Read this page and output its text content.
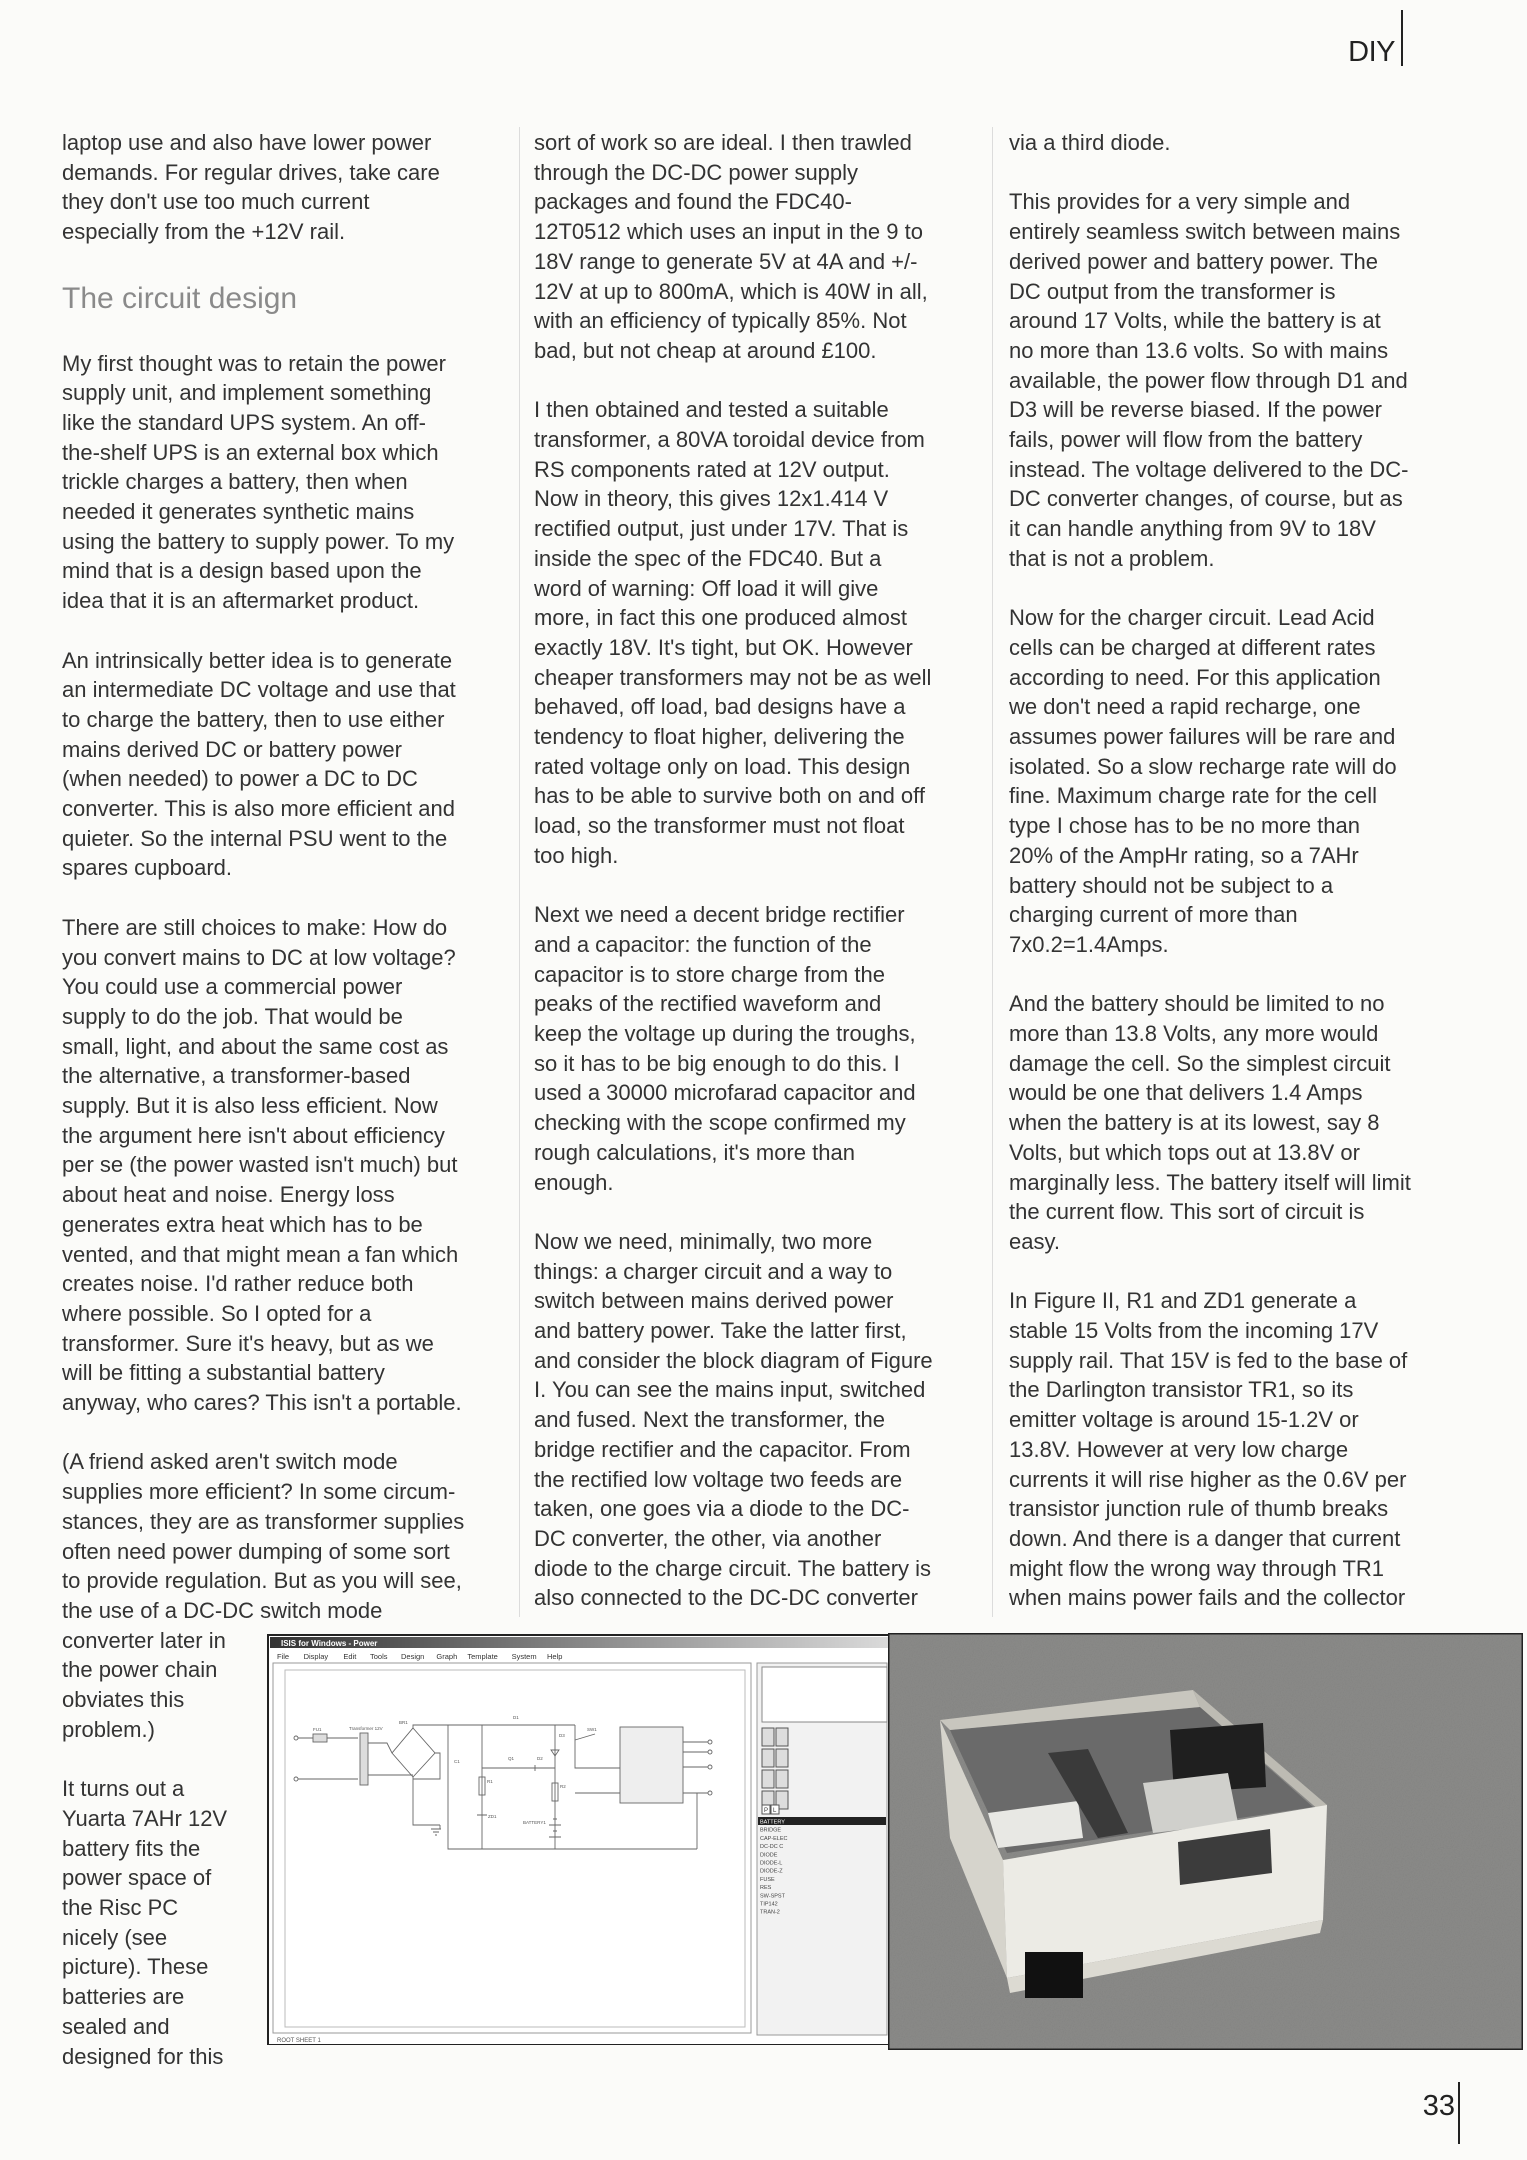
DIY

laptop use and also have lower power
demands. For regular drives, take care
they don't use too much current
especially from the +12V rail.

The circuit design

My first thought was to retain the power
supply unit, and implement something
like the standard UPS system. An off-
the-shelf UPS is an external box which
trickle charges a battery, then when
needed it generates synthetic mains
using the battery to supply power. To my
mind that is a design based upon the
idea that it is an aftermarket product.

An intrinsically better idea is to generate
an intermediate DC voltage and use that
to charge the battery, then to use either
mains derived DC or battery power
(when needed) to power a DC to DC
converter. This is also more efficient and
quieter. So the internal PSU went to the
spares cupboard.

There are still choices to make: How do
you convert mains to DC at low voltage?
You could use a commercial power
supply to do the job. That would be
small, light, and about the same cost as
the alternative, a transformer-based
supply. But it is also less efficient. Now
the argument here isn't about efficiency
per se (the power wasted isn't much) but
about heat and noise. Energy loss
generates extra heat which has to be
vented, and that might mean a fan which
creates noise. I'd rather reduce both
where possible. So I opted for a
transformer. Sure it's heavy, but as we
will be fitting a substantial battery
anyway, who cares? This isn't a portable.

(A friend asked aren't switch mode
supplies more efficient? In some circum-
stances, they are as transformer supplies
often need power dumping of some sort
to provide regulation. But as you will see,
the use of a DC-DC switch mode
converter later in
the power chain
obviates this
problem.)

It turns out a
Yuarta 7AHr 12V
battery fits the
power space of
the Risc PC
nicely (see
picture). These
batteries are
sealed and
designed for this

sort of work so are ideal. I then trawled
through the DC-DC power supply
packages and found the FDC40-
12T0512 which uses an input in the 9 to
18V range to generate 5V at 4A and +/-
12V at up to 800mA, which is 40W in all,
with an efficiency of typically 85%. Not
bad, but not cheap at around £100.

I then obtained and tested a suitable
transformer, a 80VA toroidal device from
RS components rated at 12V output.
Now in theory, this gives 12x1.414 V
rectified output, just under 17V. That is
inside the spec of the FDC40. But a
word of warning: Off load it will give
more, in fact this one produced almost
exactly 18V. It's tight, but OK. However
cheaper transformers may not be as well
behaved, off load, bad designs have a
tendency to float higher, delivering the
rated voltage only on load. This design
has to be able to survive both on and off
load, so the transformer must not float
too high.

Next we need a decent bridge rectifier
and a capacitor: the function of the
capacitor is to store charge from the
peaks of the rectified waveform and
keep the voltage up during the troughs,
so it has to be big enough to do this. I
used a 30000 microfarad capacitor and
checking with the scope confirmed my
rough calculations, it's more than
enough.

Now we need, minimally, two more
things: a charger circuit and a way to
switch between mains derived power
and battery power. Take the latter first,
and consider the block diagram of Figure
I. You can see the mains input, switched
and fused. Next the transformer, the
bridge rectifier and the capacitor. From
the rectified low voltage two feeds are
taken, one goes via a diode to the DC-
DC converter, the other, via another
diode to the charge circuit. The battery is
also connected to the DC-DC converter

via a third diode.

This provides for a very simple and
entirely seamless switch between mains
derived power and battery power. The
DC output from the transformer is
around 17 Volts, while the battery is at
no more than 13.6 volts. So with mains
available, the power flow through D1 and
D3 will be reverse biased. If the power
fails, power will flow from the battery
instead. The voltage delivered to the DC-
DC converter changes, of course, but as
it can handle anything from 9V to 18V
that is not a problem.

Now for the charger circuit. Lead Acid
cells can be charged at different rates
according to need. For this application
we don't need a rapid recharge, one
assumes power failures will be rare and
isolated. So a slow recharge rate will do
fine. Maximum charge rate for the cell
type I chose has to be no more than
20% of the AmpHr rating, so a 7AHr
battery should not be subject to a
charging current of more than
7x0.2=1.4Amps.

And the battery should be limited to no
more than 13.8 Volts, any more would
damage the cell. So the simplest circuit
would be one that delivers 1.4 Amps
when the battery is at its lowest, say 8
Volts, but which tops out at 13.8V or
marginally less. The battery itself will limit
the current flow. This sort of circuit is
easy.

In Figure II, R1 and ZD1 generate a
stable 15 Volts from the incoming 17V
supply rail. That 15V is fed to the base of
the Darlington transistor TR1, so its
emitter voltage is around 15-1.2V or
13.8V. However at very low charge
currents it will rise higher as the 0.6V per
transistor junction rule of thumb breaks
down. And there is a danger that current
might flow the wrong way through TR1
when mains power fails and the collector

ISIS for Windows - Power
File Display Edit Tools Design Graph Template System Help
FU1	Transformer 12V
BR1
C1
D1
D2
D3
Q1
R1
R2
ZD1
BATTERY1
SW1
P L
BATTERY
BRIDGE
CAP-ELEC
DC-DC C
DIODE
DIODE-L
DIODE-Z
FUSE
RES
SW-SPST
TIP142
TRAN-2
ROOT SHEET 1
33
